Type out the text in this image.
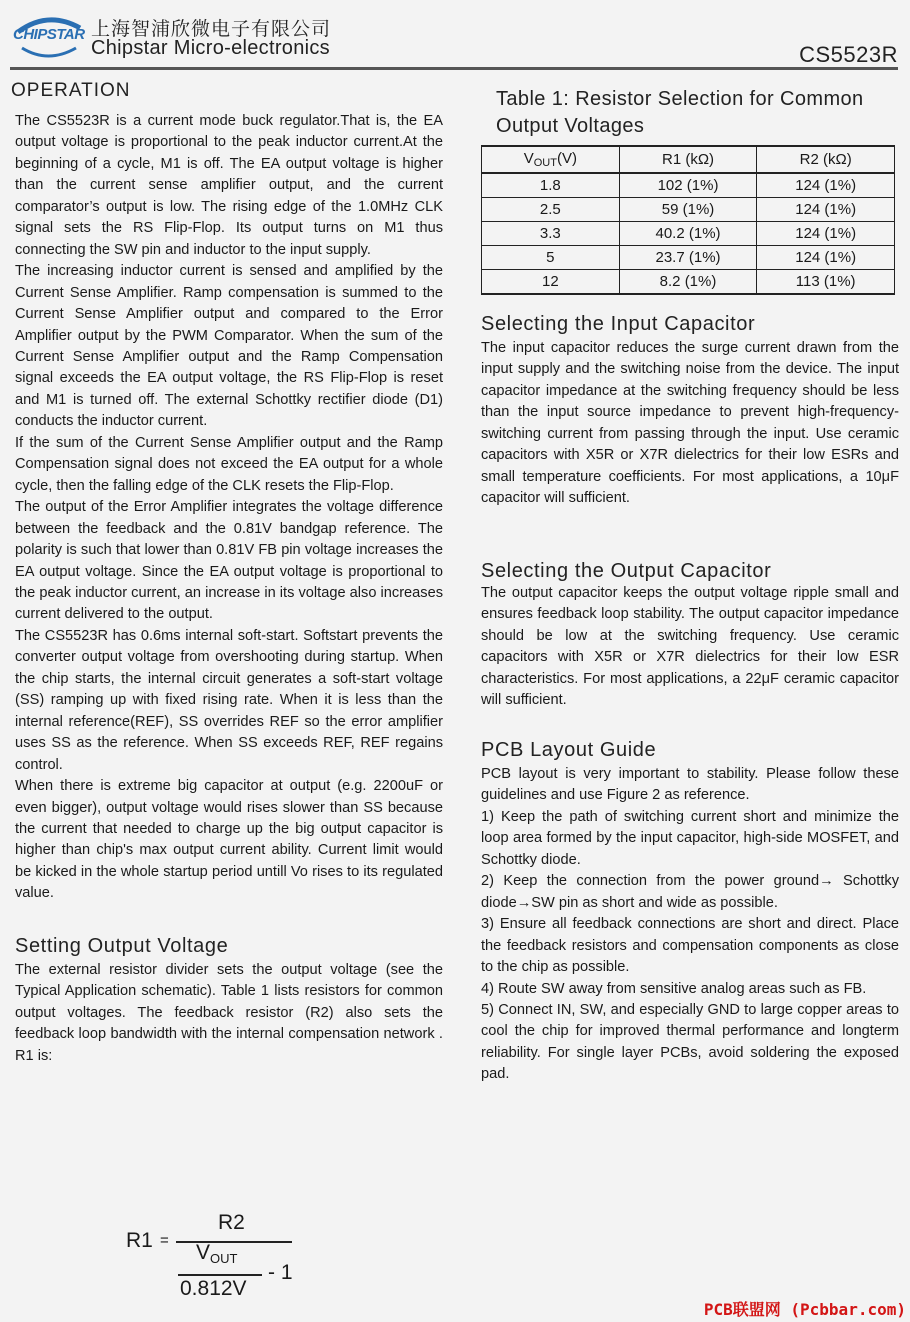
CHIPSTAR 上海智浦欣微电子有限公司
Chipstar Micro-electronics	CS5523R
OPERATION

The CS5523R is a current mode buck regulator.That is, the EA output voltage is proportional to the peak inductor current.At the beginning of a cycle, M1 is off. The EA output voltage is higher than the current sense amplifier output, and the current comparator’s output is low. The rising edge of the 1.0MHz CLK signal sets the RS Flip-Flop. Its output turns on M1 thus connecting the SW pin and inductor to the input supply.

The increasing inductor current is sensed and amplified by the Current Sense Amplifier. Ramp compensation is summed to the Current Sense Amplifier output and compared to the Error Amplifier output by the PWM Comparator. When the sum of the Current Sense Amplifier output and the Ramp Compensation signal exceeds the EA output voltage, the RS Flip-Flop is reset and M1 is turned off. The external Schottky rectifier diode (D1) conducts the inductor current.

If the sum of the Current Sense Amplifier output and the Ramp Compensation signal does not exceed the EA output for a whole cycle, then the falling edge of the CLK resets the Flip-Flop.

The output of the Error Amplifier integrates the voltage difference between the feedback and the 0.81V bandgap reference. The polarity is such that lower than 0.81V FB pin voltage increases the EA output voltage. Since the EA output voltage is proportional to the peak inductor current, an increase in its voltage also increases current delivered to the output.

The CS5523R has 0.6ms internal soft-start. Softstart prevents the converter output voltage from overshooting during startup. When the chip starts, the internal circuit generates a soft-start voltage (SS) ramping up with fixed rising rate. When it is less than the internal reference(REF), SS overrides REF so the error amplifier uses SS as the reference. When SS exceeds REF, REF regains control.

When there is extreme big capacitor at output (e.g. 2200uF or even bigger), output voltage would rises slower than SS because the current that needed to charge up the big output capacitor is higher than chip's max output current ability. Current limit would be kicked in the whole startup period untill Vo rises to its regulated value.

Setting Output Voltage

The external resistor divider sets the output voltage (see the Typical Application schematic). Table 1 lists resistors for common output voltages. The feedback resistor (R2) also sets the feedback loop bandwidth with the internal compensation network . R1 is:

R1 =
R2
VOUT
0.812V
- 1
Table 1: Resistor Selection for Common Output Voltages
$V_{OUT}(V)$	R1 (kΩ)	R2 (kΩ)
1.8	102 (1%)	124 (1%)
2.5	59 (1%)	124 (1%)
3.3	40.2 (1%)	124 (1%)
5	23.7 (1%)	124 (1%)
12	8.2 (1%)	113 (1%)
Selecting the Input Capacitor

The input capacitor reduces the surge current drawn from the input supply and the switching noise from the device. The input capacitor impedance at the switching frequency should be less than the input source impedance to prevent high-frequency-switching current from passing through the input. Use ceramic capacitors with X5R or X7R dielectrics for their low ESRs and small temperature coefficients. For most applications, a 10μF capacitor will sufficient.

Selecting the Output Capacitor

The output capacitor keeps the output voltage ripple small and ensures feedback loop stability. The output capacitor impedance should be low at the switching frequency. Use ceramic capacitors with X5R or X7R dielectrics for their low ESR characteristics. For most applications, a 22μF ceramic capacitor will sufficient.

PCB Layout Guide

PCB layout is very important to stability. Please follow these guidelines and use Figure 2 as reference.

1) Keep the path of switching current short and minimize the loop area formed by the input capacitor, high-side MOSFET, and Schottky diode.

2) Keep the connection from the power ground→ Schottky diode→SW pin as short and wide as possible.

3) Ensure all feedback connections are short and direct. Place the feedback resistors and compensation components as close to the chip as possible.

4) Route SW away from sensitive analog areas such as FB.

5) Connect IN, SW, and especially GND to large copper areas to cool the chip for improved thermal performance and longterm reliability. For single layer PCBs, avoid soldering the exposed pad.

PCB联盟网 (Pcbbar.com)
